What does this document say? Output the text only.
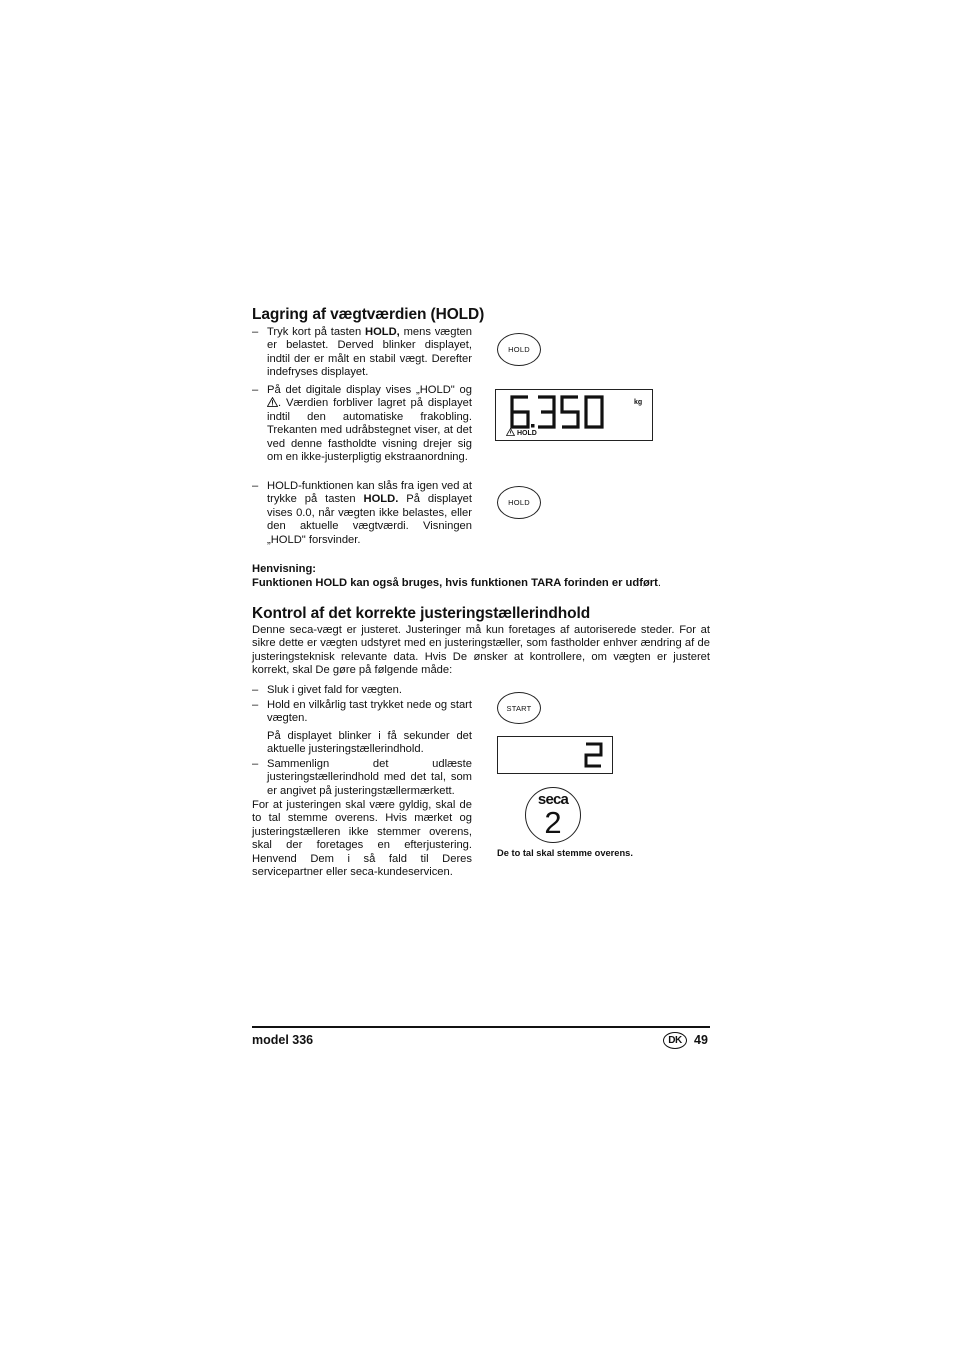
Lagring af vægtværdien (HOLD)
– Tryk kort på tasten HOLD, mens vægten er belastet. Derved blinker displayet, indtil der er målt en stabil vægt. Derefter indefryses displayet.
– På det digitale display vises „HOLD" og . Værdien forbliver lagret på displayet indtil den automatiske frakobling. Trekanten med udråbstegnet viser, at det ved denne fastholdte visning drejer sig om en ikke-justerpligtig ekstraanordning.
– HOLD-funktionen kan slås fra igen ved at trykke på tasten HOLD. På displayet vises 0.0, når vægten ikke belastes, eller den aktuelle vægtværdi. Visningen „HOLD" forsvinder.
HOLD
kg
HOLD
HOLD
Henvisning:
Funktionen HOLD kan også bruges, hvis funktionen TARA forinden er udført.
Kontrol af det korrekte justeringstællerindhold
Denne seca-vægt er justeret. Justeringer må kun foretages af autoriserede steder. For at sikre dette er vægten udstyret med en justeringstæller, som fastholder enhver ændring af de justeringsteknisk relevante data. Hvis De ønsker at kontrollere, om vægten er justeret korrekt, skal De gøre på følgende måde:
– Sluk i givet fald for vægten.
– Hold en vilkårlig tast trykket nede og start vægten.
På displayet blinker i få sekunder det aktuelle justeringstællerindhold.
– Sammenlign det udlæste justeringstællerindhold med det tal, som er angivet på justeringstællermærkett.
For at justeringen skal være gyldig, skal de to tal stemme overens. Hvis mærket og justeringstælleren ikke stemmer overens, skal der foretages en efterjustering. Henvend Dem i så fald til Deres servicepartner eller seca-kundeservicen.
START
seca
2
De to tal skal stemme overens.
model 336	DK 49
